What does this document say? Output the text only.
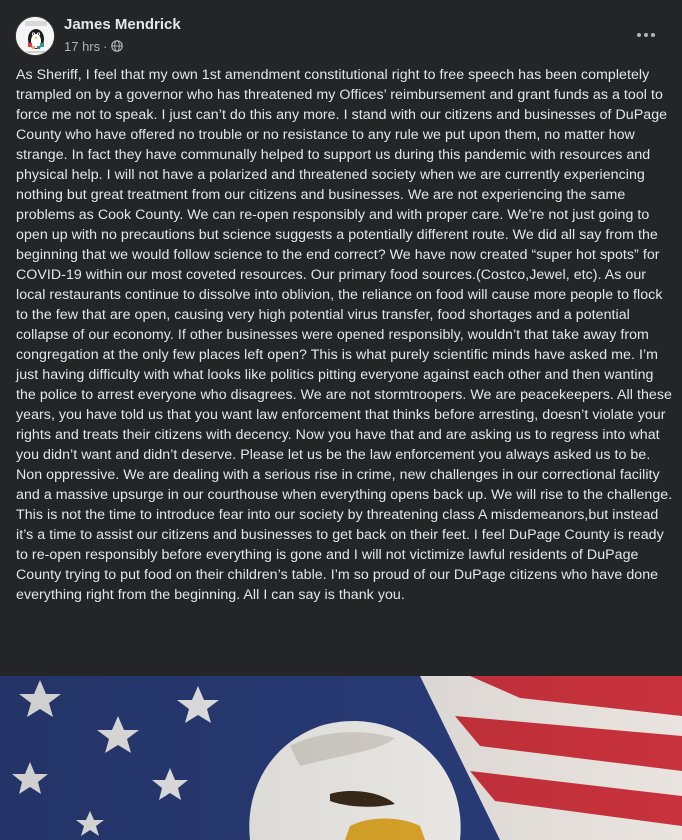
James Mendrick
17 hrs ·
As Sheriff, I feel that my own 1st amendment constitutional right to free speech has been completely trampled on by a governor who has threatened my Offices’ reimbursement and grant funds as a tool to force me not to speak. I just can’t do this any more. I stand with our citizens and businesses of DuPage County who have offered no trouble or no resistance to any rule we put upon them, no matter how strange. In fact they have communally helped to support us during this pandemic with resources and physical help. I will not have a polarized and threatened society when we are currently experiencing nothing but great treatment from our citizens and businesses. We are not experiencing the same problems as Cook County. We can re-open responsibly and with proper care. We’re not just going to open up with no precautions but science suggests a potentially different route. We did all say from the beginning that we would follow science to the end correct? We have now created “super hot spots” for COVID-19 within our most coveted resources. Our primary food sources.(Costco,Jewel, etc). As our local restaurants continue to dissolve into oblivion, the reliance on food will cause more people to flock to the few that are open, causing very high potential virus transfer, food shortages and a potential collapse of our economy. If other businesses were opened responsibly, wouldn’t that take away from congregation at the only few places left open? This is what purely scientific minds have asked me. I’m just having difficulty with what looks like politics pitting everyone against each other and then wanting the police to arrest everyone who disagrees. We are not stormtroopers. We are peacekeepers. All these years, you have told us that you want law enforcement that thinks before arresting, doesn’t violate your rights and treats their citizens with decency. Now you have that and are asking us to regress into what you didn’t want and didn’t deserve. Please let us be the law enforcement you always asked us to be. Non oppressive. We are dealing with a serious rise in crime, new challenges in our correctional facility and a massive upsurge in our courthouse when everything opens back up. We will rise to the challenge. This is not the time to introduce fear into our society by threatening class A misdemeanors,but instead it’s a time to assist our citizens and businesses to get back on their feet. I feel DuPage County is ready to re-open responsibly before everything is gone and I will not victimize lawful residents of DuPage County trying to put food on their children’s table. I’m so proud of our DuPage citizens who have done everything right from the beginning. All I can say is thank you.
